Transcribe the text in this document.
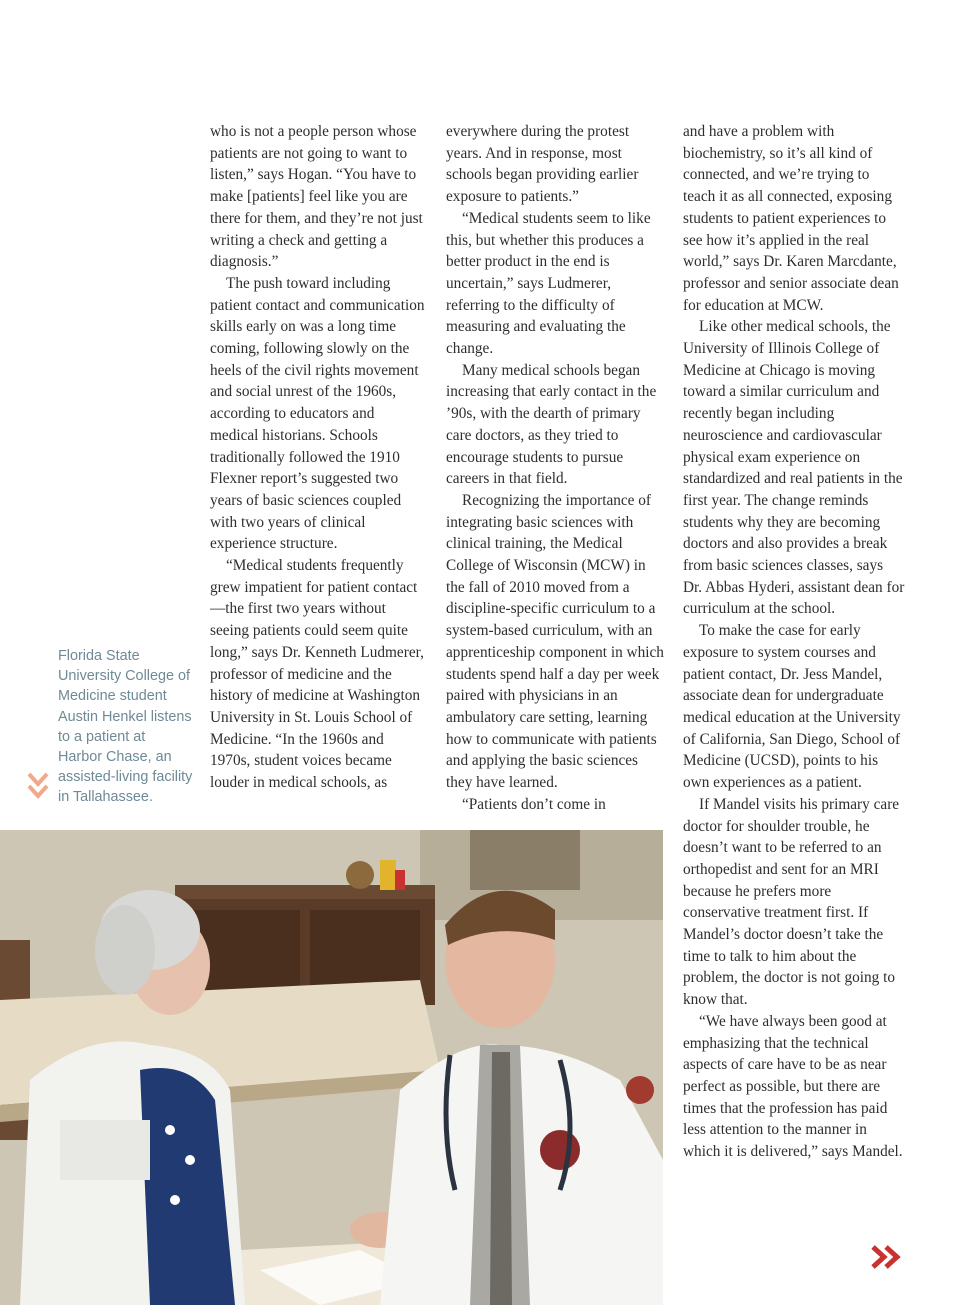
Florida State University College of Medicine student Austin Henkel listens to a patient at Harbor Chase, an assisted-living facility in Tallahassee.

who is not a people person whose patients are not going to want to listen,” says Hogan. “You have to make [patients] feel like you are there for them, and they’re not just writing a check and getting a diagnosis.”

The push toward including patient contact and communication skills early on was a long time coming, following slowly on the heels of the civil rights movement and social unrest of the 1960s, according to educators and medical historians. Schools traditionally followed the 1910 Flexner report’s suggested two years of basic sciences coupled with two years of clinical experience structure.

“Medical students frequently grew impatient for patient contact—the first two years without seeing patients could seem quite long,” says Dr. Kenneth Ludmerer, professor of medicine and the history of medicine at Washington University in St. Louis School of Medicine. “In the 1960s and 1970s, student voices became louder in medical schools, as

everywhere during the protest years. And in response, most schools began providing earlier exposure to patients.”

“Medical students seem to like this, but whether this produces a better product in the end is uncertain,” says Ludmerer, referring to the difficulty of measuring and evaluating the change.

Many medical schools began increasing that early contact in the ’90s, with the dearth of primary care doctors, as they tried to encourage students to pursue careers in that field.

Recognizing the importance of integrating basic sciences with clinical training, the Medical College of Wisconsin (MCW) in the fall of 2010 moved from a discipline-specific curriculum to a system-based curriculum, with an apprenticeship component in which students spend half a day per week paired with physicians in an ambulatory care setting, learning how to communicate with patients and applying the basic sciences they have learned.

“Patients don’t come in

and have a problem with biochemistry, so it’s all kind of connected, and we’re trying to teach it as all connected, exposing students to patient experiences to see how it’s applied in the real world,” says Dr. Karen Marcdante, professor and senior associate dean for education at MCW.

Like other medical schools, the University of Illinois College of Medicine at Chicago is moving toward a similar curriculum and recently began including neuroscience and cardiovascular physical exam experience on standardized and real patients in the first year. The change reminds students why they are becoming doctors and also provides a break from basic sciences classes, says Dr. Abbas Hyderi, assistant dean for curriculum at the school.

To make the case for early exposure to system courses and patient contact, Dr. Jess Mandel, associate dean for undergraduate medical education at the University of California, San Diego, School of Medicine (UCSD), points to his own experiences as a patient.

If Mandel visits his primary care doctor for shoulder trouble, he doesn’t want to be referred to an orthopedist and sent for an MRI because he prefers more conservative treatment first. If Mandel’s doctor doesn’t take the time to talk to him about the problem, the doctor is not going to know that.

“We have always been good at emphasizing that the technical aspects of care have to be as near perfect as possible, but there are times that the profession has paid less attention to the manner in which it is delivered,” says Mandel.
